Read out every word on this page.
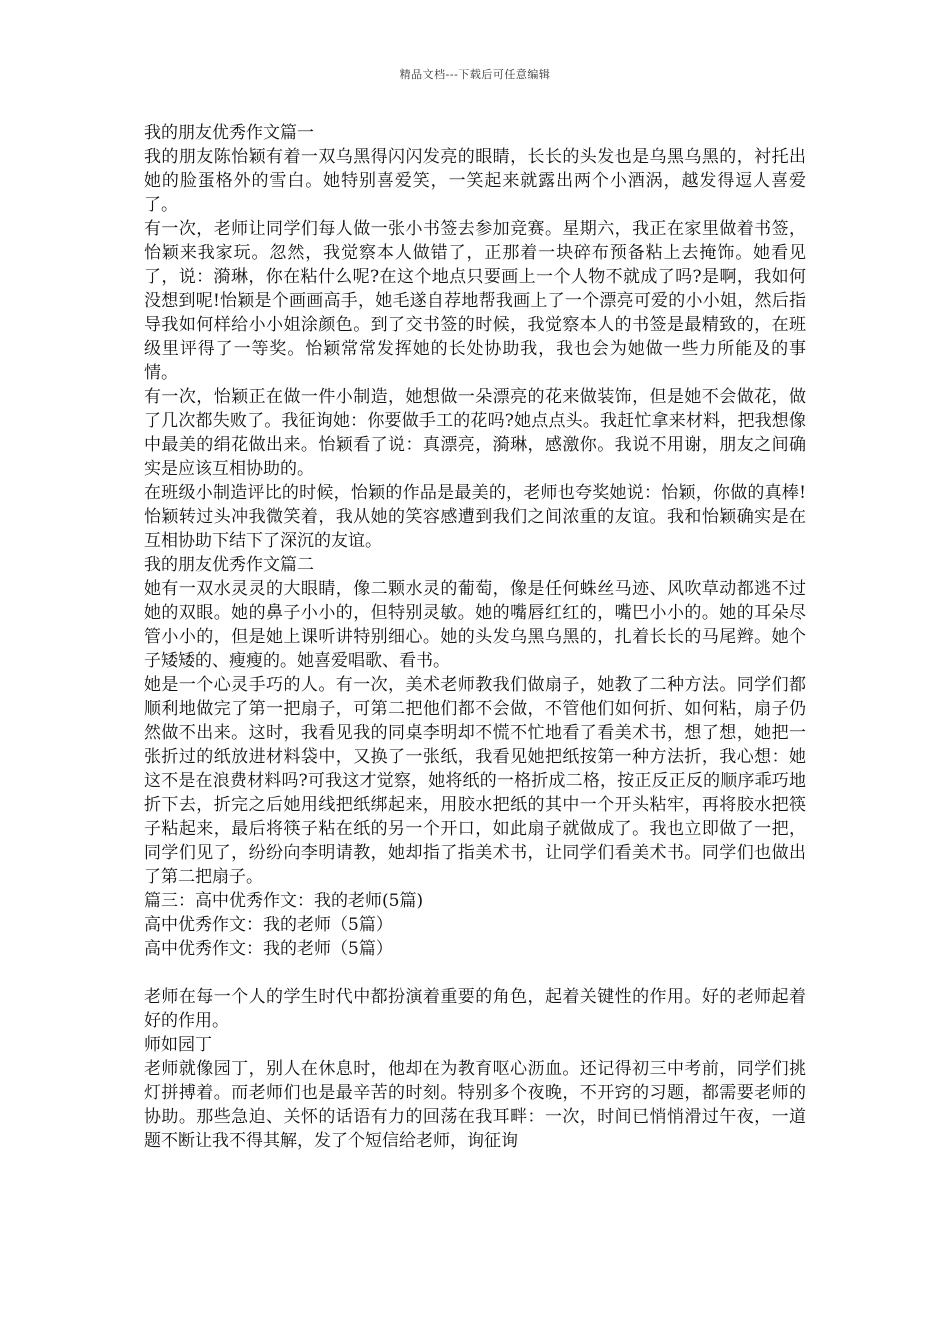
精品文档---下载后可任意编辑

我的朋友优秀作文篇一

我的朋友陈怡颖有着一双乌黑得闪闪发亮的眼睛，长长的头发也是乌黑乌黑的，衬托出她的脸蛋格外的雪白。她特别喜爱笑，一笑起来就露出两个小酒涡，越发得逗人喜爱了。

有一次，老师让同学们每人做一张小书签去参加竞赛。星期六，我正在家里做着书签，怡颖来我家玩。忽然，我觉察本人做错了，正那着一块碎布预备粘上去掩饰。她看见了，说：漪琳，你在粘什么呢?在这个地点只要画上一个人物不就成了吗?是啊，我如何没想到呢!怡颖是个画画高手，她毛遂自荐地帮我画上了一个漂亮可爱的小小姐，然后指导我如何样给小小姐涂颜色。到了交书签的时候，我觉察本人的书签是最精致的，在班级里评得了一等奖。怡颖常常发挥她的长处协助我，我也会为她做一些力所能及的事情。

有一次，怡颖正在做一件小制造，她想做一朵漂亮的花来做装饰，但是她不会做花，做了几次都失败了。我征询她：你要做手工的花吗?她点点头。我赶忙拿来材料，把我想像中最美的绢花做出来。怡颖看了说：真漂亮，漪琳，感激你。我说不用谢，朋友之间确实是应该互相协助的。

在班级小制造评比的时候，怡颖的作品是最美的，老师也夸奖她说：怡颖，你做的真棒!怡颖转过头冲我微笑着，我从她的笑容感遭到我们之间浓重的友谊。我和怡颖确实是在互相协助下结下了深沉的友谊。

我的朋友优秀作文篇二

她有一双水灵灵的大眼睛，像二颗水灵的葡萄，像是任何蛛丝马迹、风吹草动都逃不过她的双眼。她的鼻子小小的，但特别灵敏。她的嘴唇红红的，嘴巴小小的。她的耳朵尽管小小的，但是她上课听讲特别细心。她的头发乌黑乌黑的，扎着长长的马尾辫。她个子矮矮的、瘦瘦的。她喜爱唱歌、看书。

她是一个心灵手巧的人。有一次，美术老师教我们做扇子，她教了二种方法。同学们都顺利地做完了第一把扇子，可第二把他们都不会做，不管他们如何折、如何粘，扇子仍然做不出来。这时，我看见我的同桌李明却不慌不忙地看了看美术书，想了想，她把一张折过的纸放进材料袋中，又换了一张纸，我看见她把纸按第一种方法折，我心想：她这不是在浪费材料吗?可我这才觉察，她将纸的一格折成二格，按正反正反的顺序乖巧地折下去，折完之后她用线把纸绑起来，用胶水把纸的其中一个开头粘牢，再将胶水把筷子粘起来，最后将筷子粘在纸的另一个开口，如此扇子就做成了。我也立即做了一把，同学们见了，纷纷向李明请教，她却指了指美术书，让同学们看美术书。同学们也做出了第二把扇子。

篇三：高中优秀作文：我的老师(5篇)

高中优秀作文：我的老师（5篇）

高中优秀作文：我的老师（5篇）

老师在每一个人的学生时代中都扮演着重要的角色，起着关键性的作用。好的老师起着好的作用。

师如园丁

老师就像园丁，别人在休息时，他却在为教育呕心沥血。还记得初三中考前，同学们挑灯拼搏着。而老师们也是最辛苦的时刻。特别多个夜晚，不开窍的习题，都需要老师的协助。那些急迫、关怀的话语有力的回荡在我耳畔：一次，时间已悄悄滑过午夜，一道题不断让我不得其解，发了个短信给老师，询征询
